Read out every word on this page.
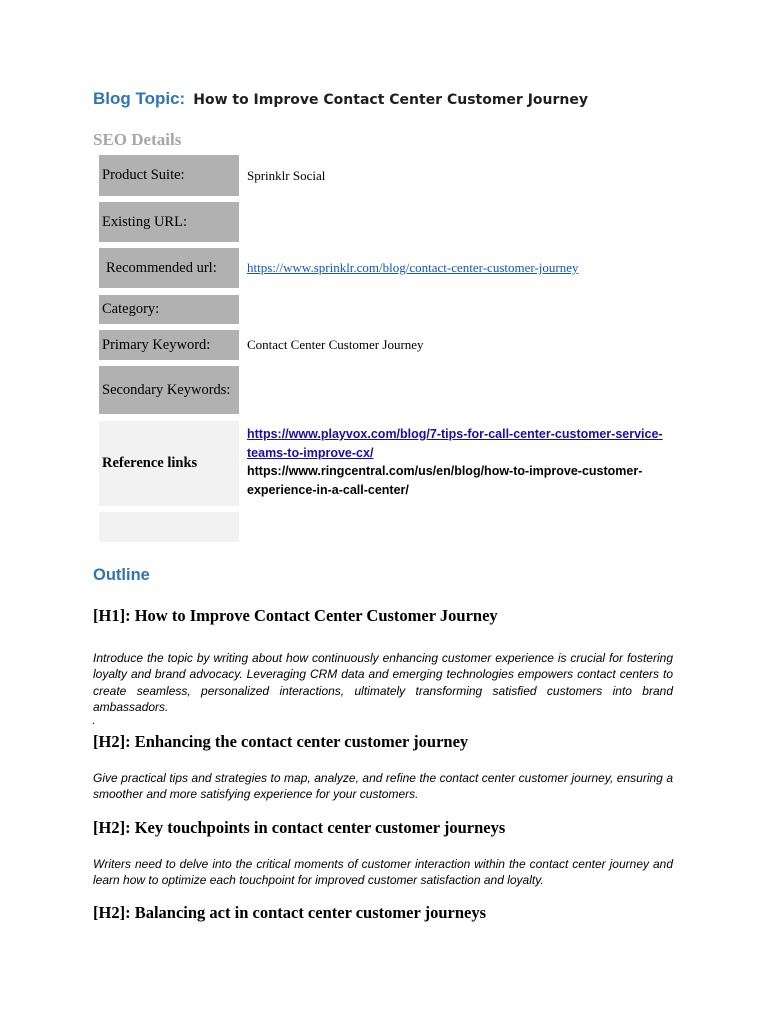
Blog Topic: How to Improve Contact Center Customer Journey
SEO Details
Product Suite:	Sprinklr Social
Existing URL:
Recommended url:	https://www.sprinklr.com/blog/contact-center-customer-journey
Category:
Primary Keyword:	Contact Center Customer Journey
Secondary Keywords:
Reference links
https://www.playvox.com/blog/7-tips-for-call-center-customer-service-teams-to-improve-cx/
https://www.ringcentral.com/us/en/blog/how-to-improve-customer-experience-in-a-call-center/
Outline
[H1]: How to Improve Contact Center Customer Journey
Introduce the topic by writing about how continuously enhancing customer experience is crucial for fostering loyalty and brand advocacy. Leveraging CRM data and emerging technologies empowers contact centers to create seamless, personalized interactions, ultimately transforming satisfied customers into brand ambassadors.
.
[H2]: Enhancing the contact center customer journey
Give practical tips and strategies to map, analyze, and refine the contact center customer journey, ensuring a smoother and more satisfying experience for your customers.
[H2]: Key touchpoints in contact center customer journeys
Writers need to delve into the critical moments of customer interaction within the contact center journey and learn how to optimize each touchpoint for improved customer satisfaction and loyalty.
[H2]: Balancing act in contact center customer journeys
